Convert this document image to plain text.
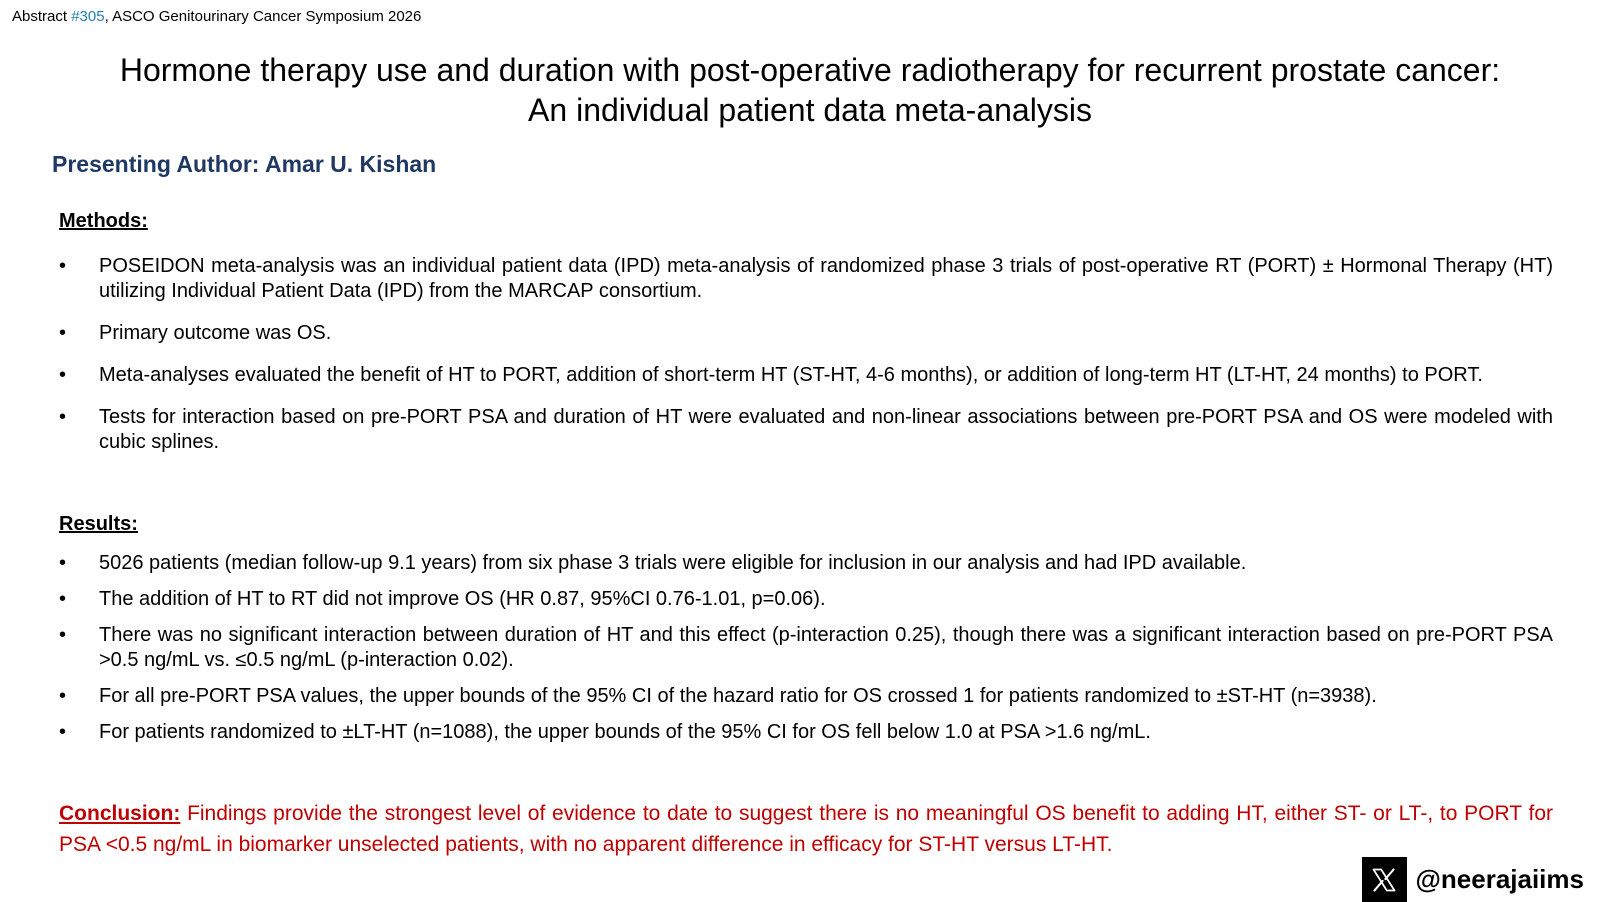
Abstract #305, ASCO Genitourinary Cancer Symposium 2026
Hormone therapy use and duration with post-operative radiotherapy for recurrent prostate cancer:
An individual patient data meta-analysis
Presenting Author: Amar U. Kishan
Methods:
• POSEIDON meta-analysis was an individual patient data (IPD) meta-analysis of randomized phase 3 trials of post-operative RT (PORT) ± Hormonal Therapy (HT) utilizing Individual Patient Data (IPD) from the MARCAP consortium.
• Primary outcome was OS.
• Meta-analyses evaluated the benefit of HT to PORT, addition of short-term HT (ST-HT, 4-6 months), or addition of long-term HT (LT-HT, 24 months) to PORT.
• Tests for interaction based on pre-PORT PSA and duration of HT were evaluated and non-linear associations between pre-PORT PSA and OS were modeled with cubic splines.
Results:
• 5026 patients (median follow-up 9.1 years) from six phase 3 trials were eligible for inclusion in our analysis and had IPD available.
• The addition of HT to RT did not improve OS (HR 0.87, 95%CI 0.76-1.01, p=0.06).
• There was no significant interaction between duration of HT and this effect (p-interaction 0.25), though there was a significant interaction based on pre-PORT PSA >0.5 ng/mL vs. ≤0.5 ng/mL (p-interaction 0.02).
• For all pre-PORT PSA values, the upper bounds of the 95% CI of the hazard ratio for OS crossed 1 for patients randomized to ±ST-HT (n=3938).
• For patients randomized to ±LT-HT (n=1088), the upper bounds of the 95% CI for OS fell below 1.0 at PSA >1.6 ng/mL.
Conclusion: Findings provide the strongest level of evidence to date to suggest there is no meaningful OS benefit to adding HT, either ST- or LT-, to PORT for PSA <0.5 ng/mL in biomarker unselected patients, with no apparent difference in efficacy for ST-HT versus LT-HT.
@neerajaiims
